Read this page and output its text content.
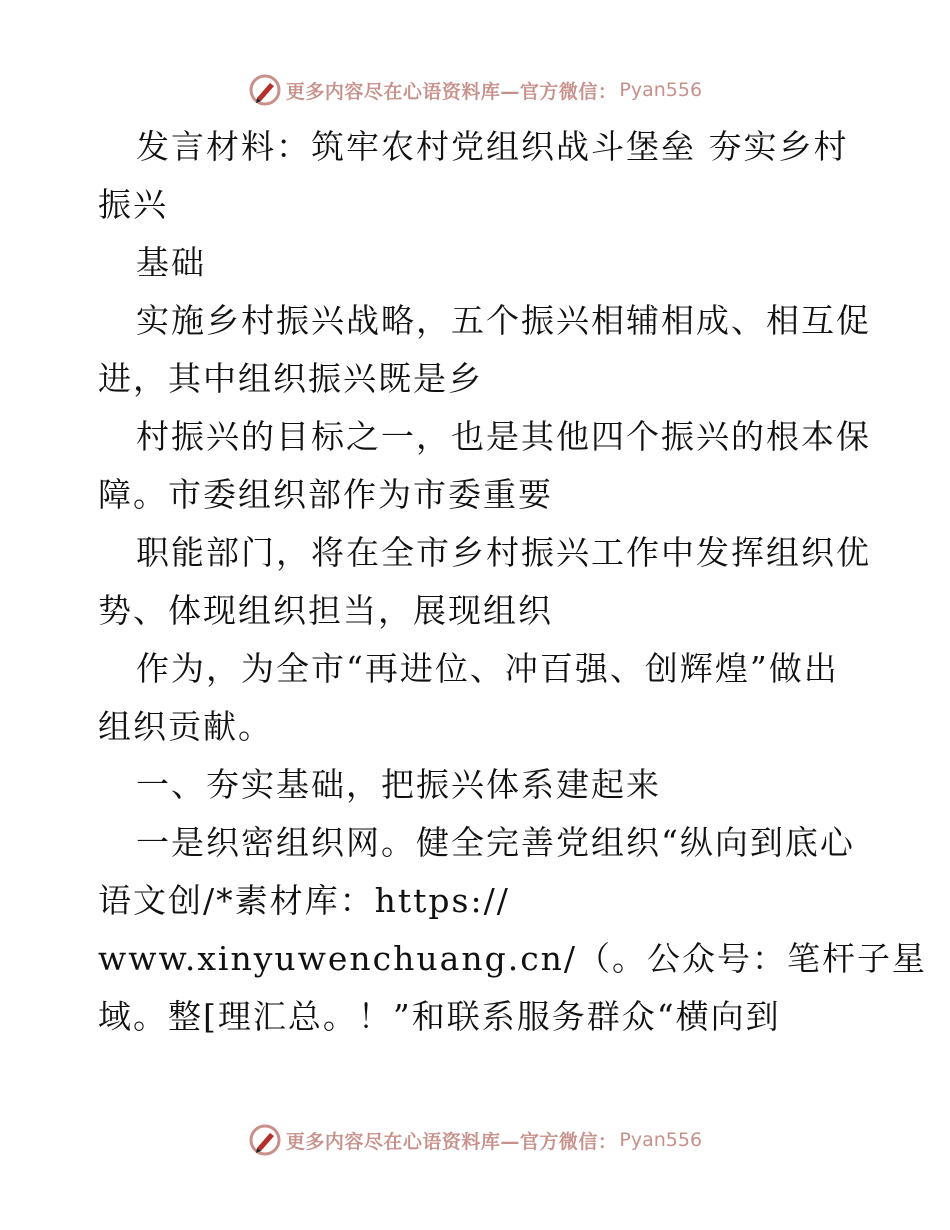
更多内容尽在心语资料库—官方微信： Pyan556
发言材料：筑牢农村党组织战斗堡垒 夯实乡村
振兴
基础
实施乡村振兴战略，五个振兴相辅相成、相互促
进，其中组织振兴既是乡
村振兴的目标之一，也是其他四个振兴的根本保
障。市委组织部作为市委重要
职能部门，将在全市乡村振兴工作中发挥组织优
势、体现组织担当，展现组织
作为，为全市“再进位、冲百强、创辉煌”做出
组织贡献。
一、夯实基础，把振兴体系建起来
一是织密组织网。健全完善党组织“纵向到底心
语文创/*素材库：https://
www.xinyuwenchuang.cn/（。公众号：笔杆子星
域。整[理汇总。！”和联系服务群众“横向到
更多内容尽在心语资料库—官方微信： Pyan556
